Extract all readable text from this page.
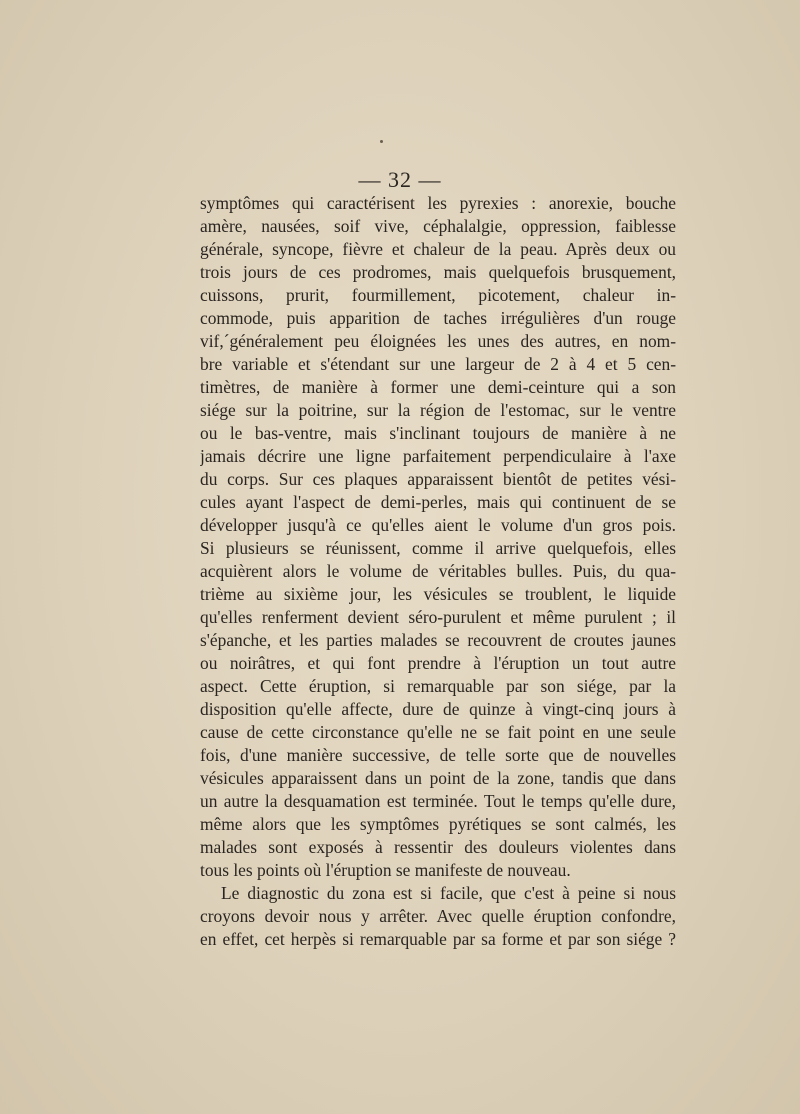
— 32 —
symptômes qui caractérisent les pyrexies : anorexie, bouche
amère, nausées, soif vive, céphalalgie, oppression, faiblesse
générale, syncope, fièvre et chaleur de la peau. Après deux ou
trois jours de ces prodromes, mais quelquefois brusquement,
cuissons, prurit, fourmillement, picotement, chaleur in-
commode, puis apparition de taches irrégulières d'un rouge
vif,´généralement peu éloignées les unes des autres, en nom-
bre variable et s'étendant sur une largeur de 2 à 4 et 5 cen-
timètres, de manière à former une demi-ceinture qui a son
siége sur la poitrine, sur la région de l'estomac, sur le ventre
ou le bas-ventre, mais s'inclinant toujours de manière à ne
jamais décrire une ligne parfaitement perpendiculaire à l'axe
du corps. Sur ces plaques apparaissent bientôt de petites vési-
cules ayant l'aspect de demi-perles, mais qui continuent de se
développer jusqu'à ce qu'elles aient le volume d'un gros pois.
Si plusieurs se réunissent, comme il arrive quelquefois, elles
acquièrent alors le volume de véritables bulles. Puis, du qua-
trième au sixième jour, les vésicules se troublent, le liquide
qu'elles renferment devient séro-purulent et même purulent ; il
s'épanche, et les parties malades se recouvrent de croutes jaunes
ou noirâtres, et qui font prendre à l'éruption un tout autre
aspect. Cette éruption, si remarquable par son siége, par la
disposition qu'elle affecte, dure de quinze à vingt-cinq jours à
cause de cette circonstance qu'elle ne se fait point en une seule
fois, d'une manière successive, de telle sorte que de nouvelles
vésicules apparaissent dans un point de la zone, tandis que dans
un autre la desquamation est terminée. Tout le temps qu'elle dure,
même alors que les symptômes pyrétiques se sont calmés, les
malades sont exposés à ressentir des douleurs violentes dans
tous les points où l'éruption se manifeste de nouveau.
Le diagnostic du zona est si facile, que c'est à peine si nous
croyons devoir nous y arrêter. Avec quelle éruption confondre,
en effet, cet herpès si remarquable par sa forme et par son siége ?
